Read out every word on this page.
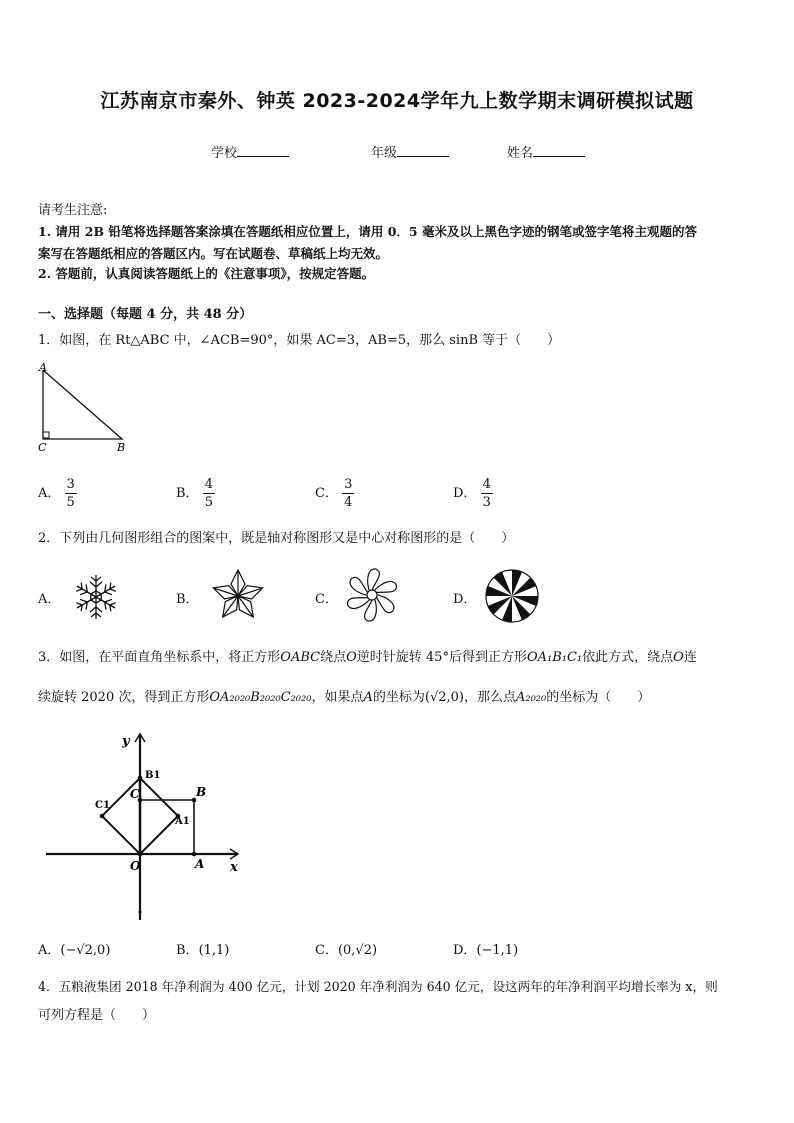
江苏南京市秦外、钟英 2023-2024学年九上数学期末调研模拟试题
学校	年级	姓名
请考生注意:
1. 请用 2B 铅笔将选择题答案涂填在答题纸相应位置上，请用 0．5 毫米及以上黑色字迹的钢笔或签字笔将主观题的答
案写在答题纸相应的答题区内。写在试题卷、草稿纸上均无效。
2. 答题前，认真阅读答题纸上的《注意事项》，按规定答题。
一、选择题（每题 4 分，共 48 分）
1．如图，在 Rt△ABC 中，∠ACB=90°，如果 AC=3，AB=5，那么 sinB 等于（　　）
A
C	B
A． $\frac{3}{5}$	B． $\frac{4}{5}$	C． $\frac{3}{4}$	D． $\frac{4}{3}$
2．下列由几何图形组合的图案中，既是轴对称图形又是中心对称图形的是（　　）
A．	B．	C．	D．
3．如图，在平面直角坐标系中，将正方形OABC绕点O逆时针旋转 45°后得到正方形OA₁B₁C₁依此方式，绕点O连
续旋转 2020 次，得到正方形OA₂₀₂₀B₂₀₂₀C₂₀₂₀，如果点A的坐标为(√2,0)，那么点A₂₀₂₀的坐标为（　　）
y
x
O	A
B
C
A1
B1
C1
A．(−√2,0)	B．(1,1)	C．(0,√2)	D．(−1,1)
4．五粮液集团 2018 年净利润为 400 亿元，计划 2020 年净利润为 640 亿元，设这两年的年净利润平均增长率为 x，则
可列方程是（　　）
